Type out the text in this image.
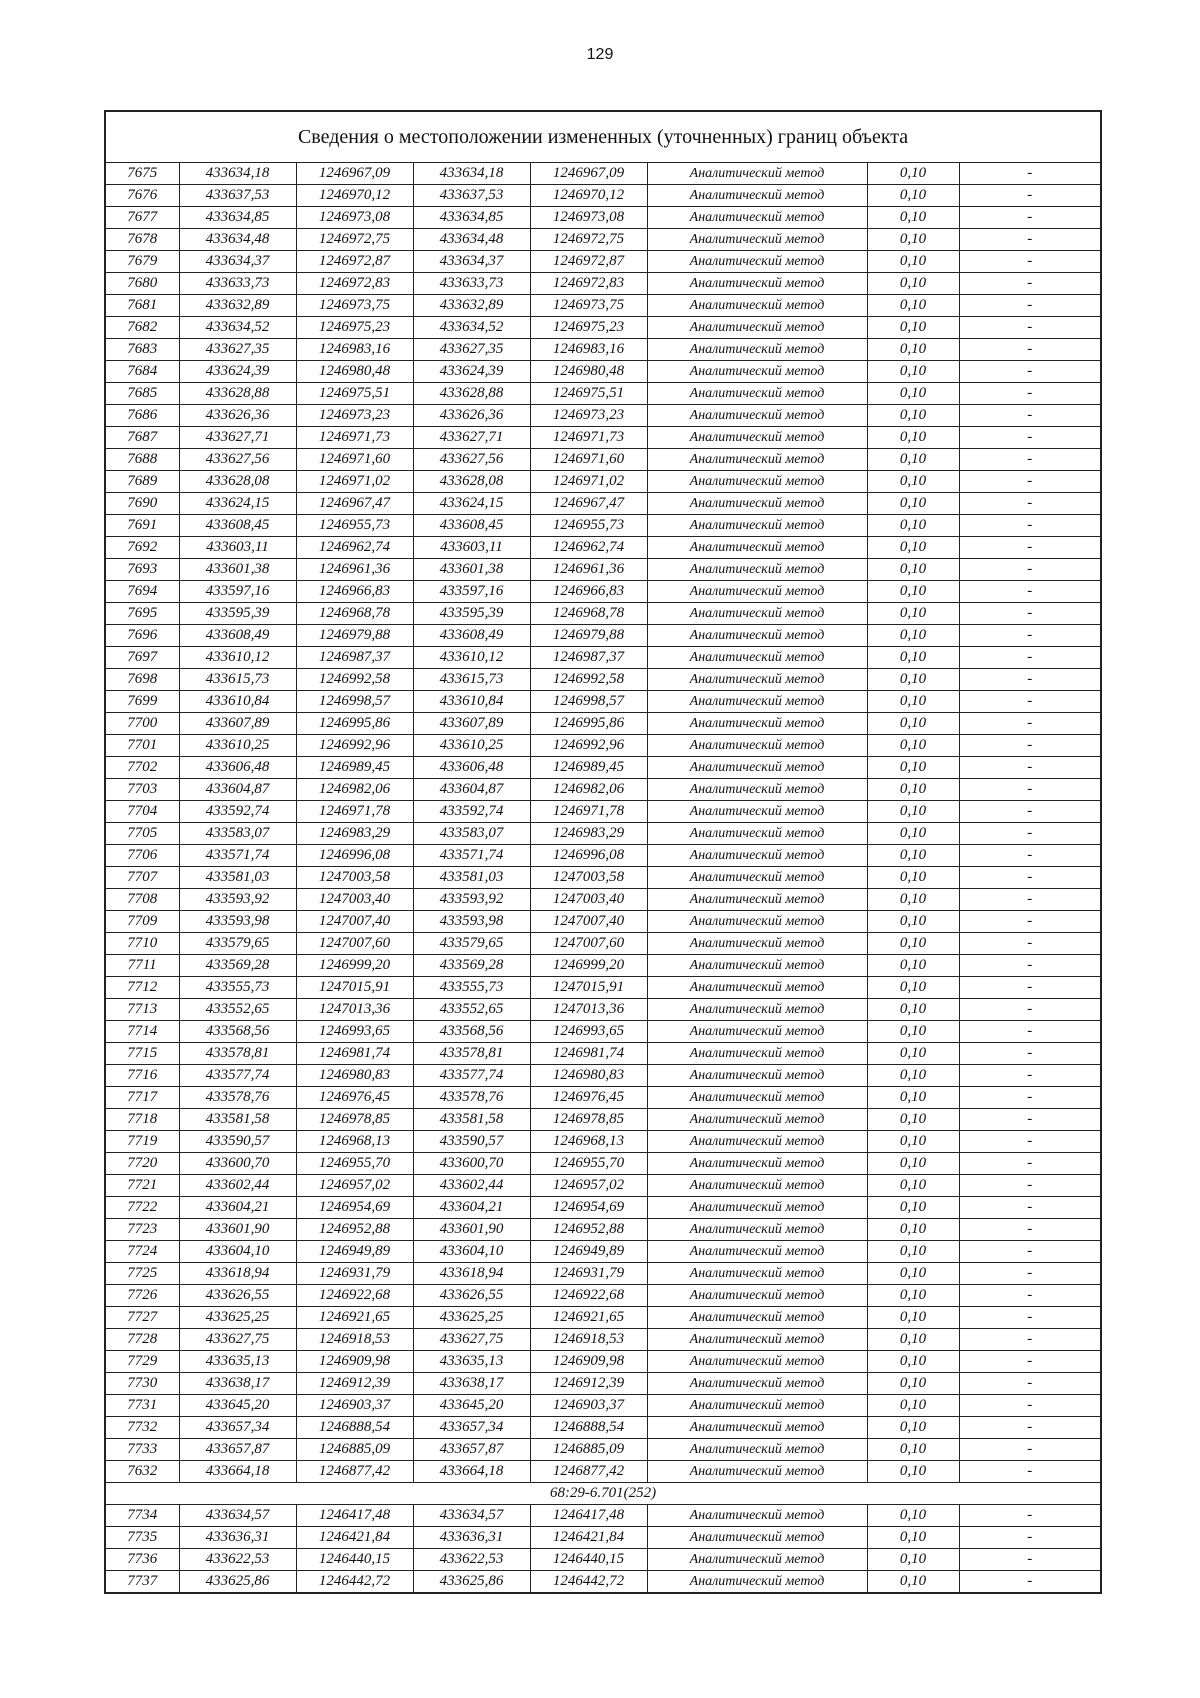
129
Сведения о местоположении измененных (уточненных) границ объекта							
7675	433634,18	1246967,09	433634,18	1246967,09	Аналитический метод	0,10	-
7676	433637,53	1246970,12	433637,53	1246970,12	Аналитический метод	0,10	-
7677	433634,85	1246973,08	433634,85	1246973,08	Аналитический метод	0,10	-
7678	433634,48	1246972,75	433634,48	1246972,75	Аналитический метод	0,10	-
7679	433634,37	1246972,87	433634,37	1246972,87	Аналитический метод	0,10	-
7680	433633,73	1246972,83	433633,73	1246972,83	Аналитический метод	0,10	-
7681	433632,89	1246973,75	433632,89	1246973,75	Аналитический метод	0,10	-
7682	433634,52	1246975,23	433634,52	1246975,23	Аналитический метод	0,10	-
7683	433627,35	1246983,16	433627,35	1246983,16	Аналитический метод	0,10	-
7684	433624,39	1246980,48	433624,39	1246980,48	Аналитический метод	0,10	-
7685	433628,88	1246975,51	433628,88	1246975,51	Аналитический метод	0,10	-
7686	433626,36	1246973,23	433626,36	1246973,23	Аналитический метод	0,10	-
7687	433627,71	1246971,73	433627,71	1246971,73	Аналитический метод	0,10	-
7688	433627,56	1246971,60	433627,56	1246971,60	Аналитический метод	0,10	-
7689	433628,08	1246971,02	433628,08	1246971,02	Аналитический метод	0,10	-
7690	433624,15	1246967,47	433624,15	1246967,47	Аналитический метод	0,10	-
7691	433608,45	1246955,73	433608,45	1246955,73	Аналитический метод	0,10	-
7692	433603,11	1246962,74	433603,11	1246962,74	Аналитический метод	0,10	-
7693	433601,38	1246961,36	433601,38	1246961,36	Аналитический метод	0,10	-
7694	433597,16	1246966,83	433597,16	1246966,83	Аналитический метод	0,10	-
7695	433595,39	1246968,78	433595,39	1246968,78	Аналитический метод	0,10	-
7696	433608,49	1246979,88	433608,49	1246979,88	Аналитический метод	0,10	-
7697	433610,12	1246987,37	433610,12	1246987,37	Аналитический метод	0,10	-
7698	433615,73	1246992,58	433615,73	1246992,58	Аналитический метод	0,10	-
7699	433610,84	1246998,57	433610,84	1246998,57	Аналитический метод	0,10	-
7700	433607,89	1246995,86	433607,89	1246995,86	Аналитический метод	0,10	-
7701	433610,25	1246992,96	433610,25	1246992,96	Аналитический метод	0,10	-
7702	433606,48	1246989,45	433606,48	1246989,45	Аналитический метод	0,10	-
7703	433604,87	1246982,06	433604,87	1246982,06	Аналитический метод	0,10	-
7704	433592,74	1246971,78	433592,74	1246971,78	Аналитический метод	0,10	-
7705	433583,07	1246983,29	433583,07	1246983,29	Аналитический метод	0,10	-
7706	433571,74	1246996,08	433571,74	1246996,08	Аналитический метод	0,10	-
7707	433581,03	1247003,58	433581,03	1247003,58	Аналитический метод	0,10	-
7708	433593,92	1247003,40	433593,92	1247003,40	Аналитический метод	0,10	-
7709	433593,98	1247007,40	433593,98	1247007,40	Аналитический метод	0,10	-
7710	433579,65	1247007,60	433579,65	1247007,60	Аналитический метод	0,10	-
7711	433569,28	1246999,20	433569,28	1246999,20	Аналитический метод	0,10	-
7712	433555,73	1247015,91	433555,73	1247015,91	Аналитический метод	0,10	-
7713	433552,65	1247013,36	433552,65	1247013,36	Аналитический метод	0,10	-
7714	433568,56	1246993,65	433568,56	1246993,65	Аналитический метод	0,10	-
7715	433578,81	1246981,74	433578,81	1246981,74	Аналитический метод	0,10	-
7716	433577,74	1246980,83	433577,74	1246980,83	Аналитический метод	0,10	-
7717	433578,76	1246976,45	433578,76	1246976,45	Аналитический метод	0,10	-
7718	433581,58	1246978,85	433581,58	1246978,85	Аналитический метод	0,10	-
7719	433590,57	1246968,13	433590,57	1246968,13	Аналитический метод	0,10	-
7720	433600,70	1246955,70	433600,70	1246955,70	Аналитический метод	0,10	-
7721	433602,44	1246957,02	433602,44	1246957,02	Аналитический метод	0,10	-
7722	433604,21	1246954,69	433604,21	1246954,69	Аналитический метод	0,10	-
7723	433601,90	1246952,88	433601,90	1246952,88	Аналитический метод	0,10	-
7724	433604,10	1246949,89	433604,10	1246949,89	Аналитический метод	0,10	-
7725	433618,94	1246931,79	433618,94	1246931,79	Аналитический метод	0,10	-
7726	433626,55	1246922,68	433626,55	1246922,68	Аналитический метод	0,10	-
7727	433625,25	1246921,65	433625,25	1246921,65	Аналитический метод	0,10	-
7728	433627,75	1246918,53	433627,75	1246918,53	Аналитический метод	0,10	-
7729	433635,13	1246909,98	433635,13	1246909,98	Аналитический метод	0,10	-
7730	433638,17	1246912,39	433638,17	1246912,39	Аналитический метод	0,10	-
7731	433645,20	1246903,37	433645,20	1246903,37	Аналитический метод	0,10	-
7732	433657,34	1246888,54	433657,34	1246888,54	Аналитический метод	0,10	-
7733	433657,87	1246885,09	433657,87	1246885,09	Аналитический метод	0,10	-
7632	433664,18	1246877,42	433664,18	1246877,42	Аналитический метод	0,10	-
68:29-6.701(252)							
7734	433634,57	1246417,48	433634,57	1246417,48	Аналитический метод	0,10	-
7735	433636,31	1246421,84	433636,31	1246421,84	Аналитический метод	0,10	-
7736	433622,53	1246440,15	433622,53	1246440,15	Аналитический метод	0,10	-
7737	433625,86	1246442,72	433625,86	1246442,72	Аналитический метод	0,10	-
